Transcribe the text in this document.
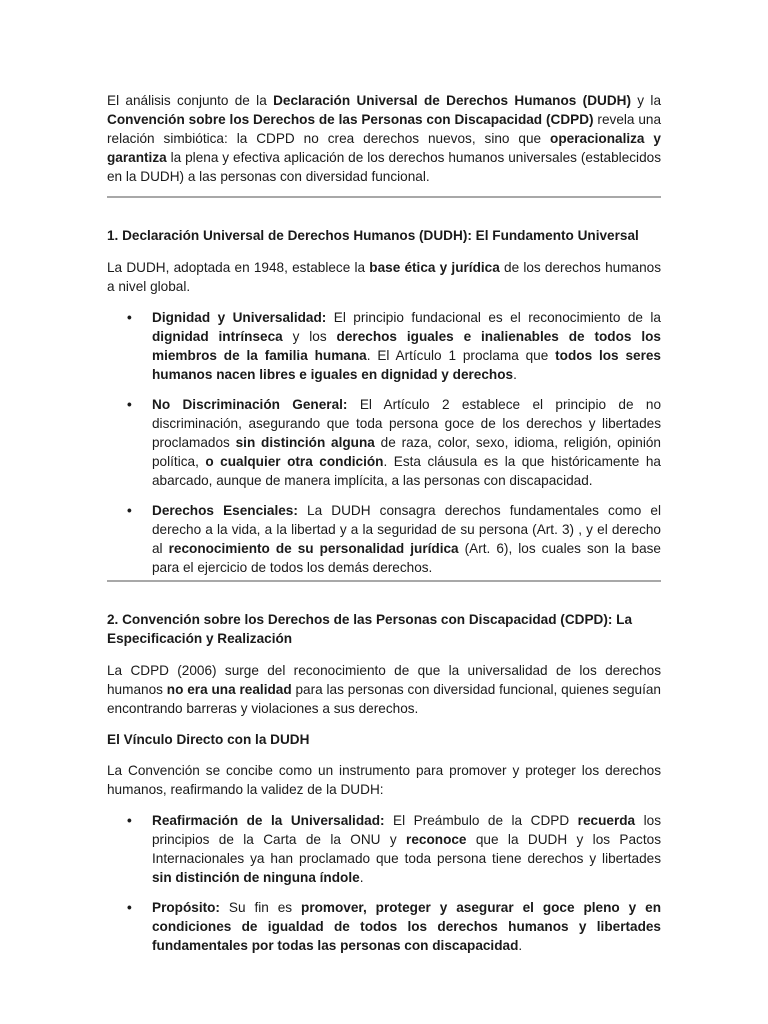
El análisis conjunto de la Declaración Universal de Derechos Humanos (DUDH) y la Convención sobre los Derechos de las Personas con Discapacidad (CDPD) revela una relación simbiótica: la CDPD no crea derechos nuevos, sino que operacionaliza y garantiza la plena y efectiva aplicación de los derechos humanos universales (establecidos en la DUDH) a las personas con diversidad funcional.

1. Declaración Universal de Derechos Humanos (DUDH): El Fundamento Universal

La DUDH, adoptada en 1948, establece la base ética y jurídica de los derechos humanos a nivel global.

• Dignidad y Universalidad: El principio fundacional es el reconocimiento de la dignidad intrínseca y los derechos iguales e inalienables de todos los miembros de la familia humana. El Artículo 1 proclama que todos los seres humanos nacen libres e iguales en dignidad y derechos.
• No Discriminación General: El Artículo 2 establece el principio de no discriminación, asegurando que toda persona goce de los derechos y libertades proclamados sin distinción alguna de raza, color, sexo, idioma, religión, opinión política, o cualquier otra condición. Esta cláusula es la que históricamente ha abarcado, aunque de manera implícita, a las personas con discapacidad.
• Derechos Esenciales: La DUDH consagra derechos fundamentales como el derecho a la vida, a la libertad y a la seguridad de su persona (Art. 3) , y el derecho al reconocimiento de su personalidad jurídica (Art. 6), los cuales son la base para el ejercicio de todos los demás derechos.

2. Convención sobre los Derechos de las Personas con Discapacidad (CDPD): La Especificación y Realización

La CDPD (2006) surge del reconocimiento de que la universalidad de los derechos humanos no era una realidad para las personas con diversidad funcional, quienes seguían encontrando barreras y violaciones a sus derechos.

El Vínculo Directo con la DUDH

La Convención se concibe como un instrumento para promover y proteger los derechos humanos, reafirmando la validez de la DUDH:

• Reafirmación de la Universalidad: El Preámbulo de la CDPD recuerda los principios de la Carta de la ONU y reconoce que la DUDH y los Pactos Internacionales ya han proclamado que toda persona tiene derechos y libertades sin distinción de ninguna índole.
• Propósito: Su fin es promover, proteger y asegurar el goce pleno y en condiciones de igualdad de todos los derechos humanos y libertades fundamentales por todas las personas con discapacidad.
